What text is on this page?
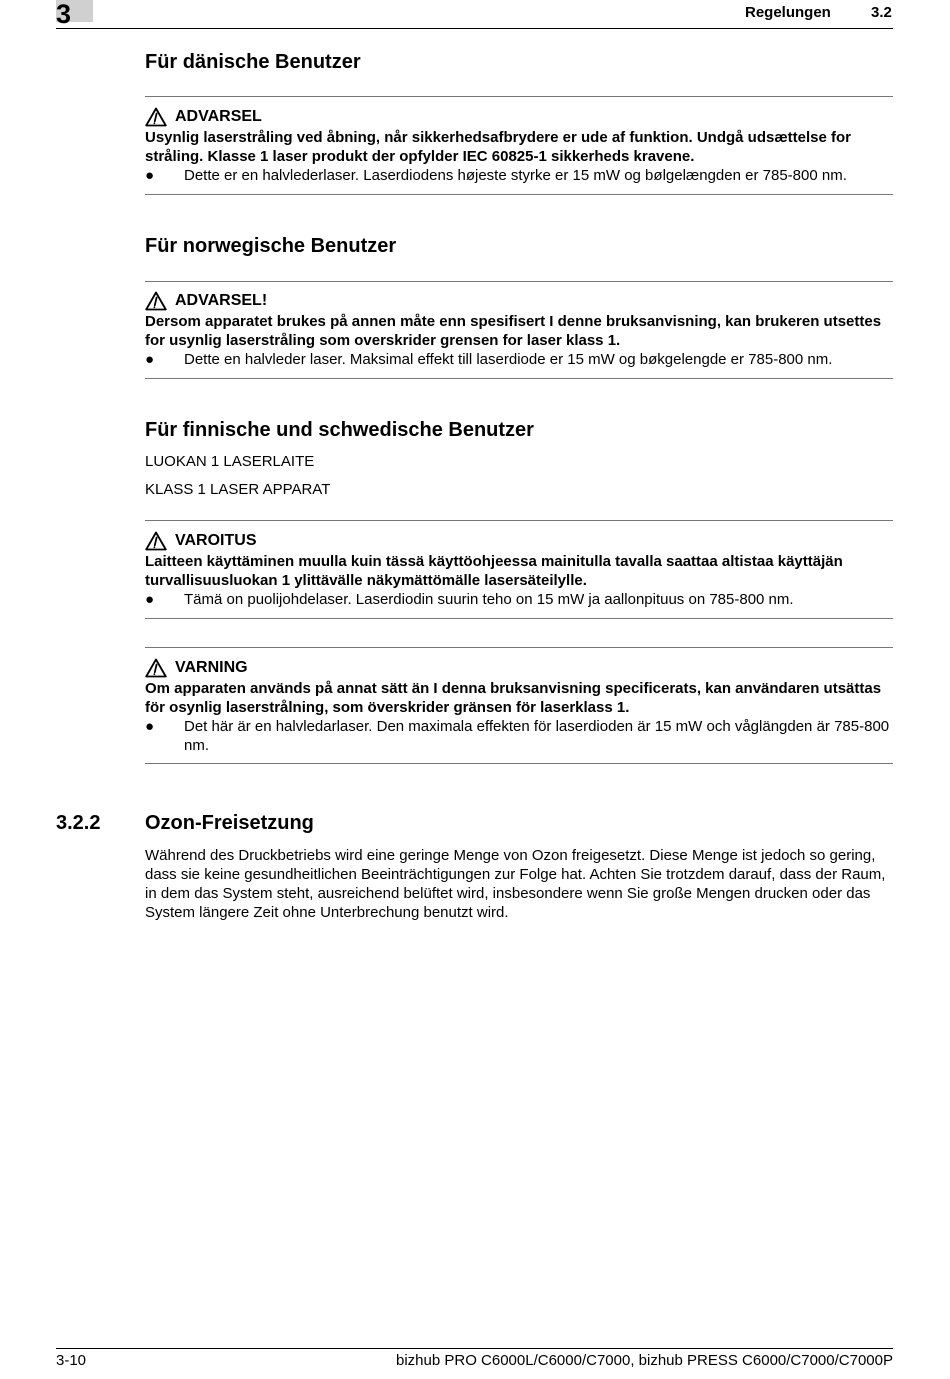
3	Regelungen	3.2
Für dänische Benutzer
ADVARSEL
Usynlig laserstråling ved åbning, når sikkerhedsafbrydere er ude af funktion. Undgå udsættelse for stråling. Klasse 1 laser produkt der opfylder IEC 60825-1 sikkerheds kravene.
●	Dette er en halvlederlaser. Laserdiodens højeste styrke er 15 mW og bølgelængden er 785-800 nm.
Für norwegische Benutzer
ADVARSEL!
Dersom apparatet brukes på annen måte enn spesifisert I denne bruksanvisning, kan brukeren utsettes for usynlig laserstråling som overskrider grensen for laser klass 1.
●	Dette en halvleder laser. Maksimal effekt till laserdiode er 15 mW og bøkgelengde er 785-800 nm.
Für finnische und schwedische Benutzer
LUOKAN 1 LASERLAITE
KLASS 1 LASER APPARAT
VAROITUS
Laitteen käyttäminen muulla kuin tässä käyttöohjeessa mainitulla tavalla saattaa altistaa käyttäjän turvallisuusluokan 1 ylittävälle näkymättömälle lasersäteilylle.
●	Tämä on puolijohdelaser. Laserdiodin suurin teho on 15 mW ja aallonpituus on 785-800 nm.
VARNING
Om apparaten används på annat sätt än I denna bruksanvisning specificerats, kan användaren utsättas för osynlig laserstrålning, som överskrider gränsen för laserklass 1.
●	Det här är en halvledarlaser. Den maximala effekten för laserdioden är 15 mW och våglängden är 785-800 nm.
3.2.2 Ozon-Freisetzung
Während des Druckbetriebs wird eine geringe Menge von Ozon freigesetzt. Diese Menge ist jedoch so gering, dass sie keine gesundheitlichen Beeinträchtigungen zur Folge hat. Achten Sie trotzdem darauf, dass der Raum, in dem das System steht, ausreichend belüftet wird, insbesondere wenn Sie große Mengen drucken oder das System längere Zeit ohne Unterbrechung benutzt wird.
3-10	bizhub PRO C6000L/C6000/C7000, bizhub PRESS C6000/C7000/C7000P
